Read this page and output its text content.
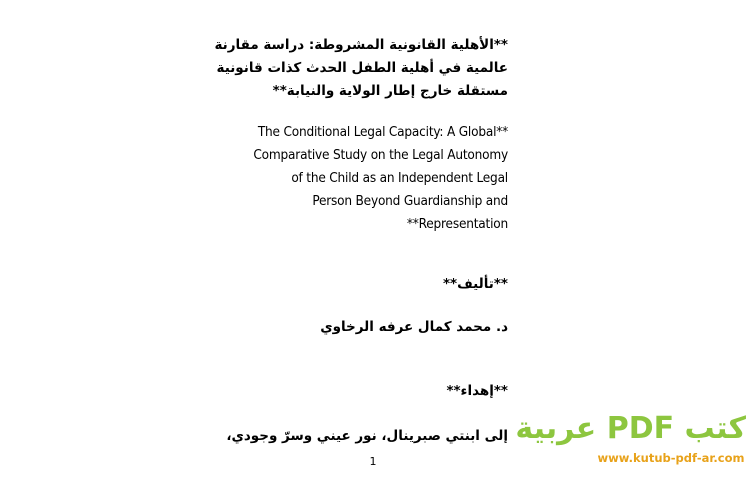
**الأهلية القانونية المشروطة: دراسة مقارنة
عالمية في أهلية الطفل الحدث كذات قانونية
مستقلة خارج إطار الولاية والنيابة**
The Conditional Legal Capacity: A Global**
Comparative Study on the Legal Autonomy
of the Child as an Independent Legal
Person Beyond Guardianship and
**Representation
**تأليف**
د. محمد كمال عرفه الرخاوي
**إهداء**
إلى ابنتي صبرينال، نور عيني وسرّ وجودي،
1
كتب PDF عربية
www.kutub-pdf-ar.com
